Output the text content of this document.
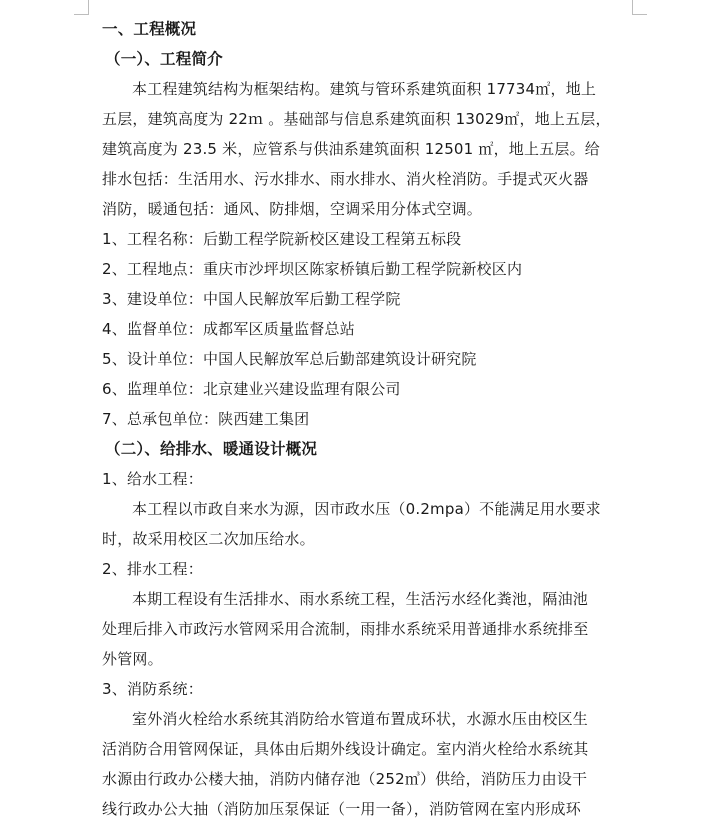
一、工程概况
（一）、工程简介
本工程建筑结构为框架结构。建筑与管环系建筑面积 17734㎡，地上
五层，建筑高度为 22ｍ 。基础部与信息系建筑面积 13029㎡，地上五层，
建筑高度为 23.5 米，应管系与供油系建筑面积 12501 ㎡，地上五层。给
排水包括：生活用水、污水排水、雨水排水、消火栓消防。手提式灭火器
消防，暖通包括：通风、防排烟，空调采用分体式空调。
1、工程名称：后勤工程学院新校区建设工程第五标段
2、工程地点：重庆市沙坪坝区陈家桥镇后勤工程学院新校区内
3、建设单位：中国人民解放军后勤工程学院
4、监督单位：成都军区质量监督总站
5、设计单位：中国人民解放军总后勤部建筑设计研究院
6、监理单位：北京建业兴建设监理有限公司
7、总承包单位：陕西建工集团
（二）、给排水、暖通设计概况
1、给水工程：
本工程以市政自来水为源，因市政水压（0.2mpa）不能满足用水要求
时，故采用校区二次加压给水。
2、排水工程：
本期工程设有生活排水、雨水系统工程，生活污水经化粪池，隔油池
处理后排入市政污水管网采用合流制，雨排水系统采用普通排水系统排至
外管网。
3、消防系统：
室外消火栓给水系统其消防给水管道布置成环状，水源水压由校区生
活消防合用管网保证，具体由后期外线设计确定。室内消火栓给水系统其
水源由行政办公楼大抽，消防内储存池（252㎥）供给，消防压力由设干
线行政办公大抽（消防加压泵保证（一用一备），消防管网在室内形成环
